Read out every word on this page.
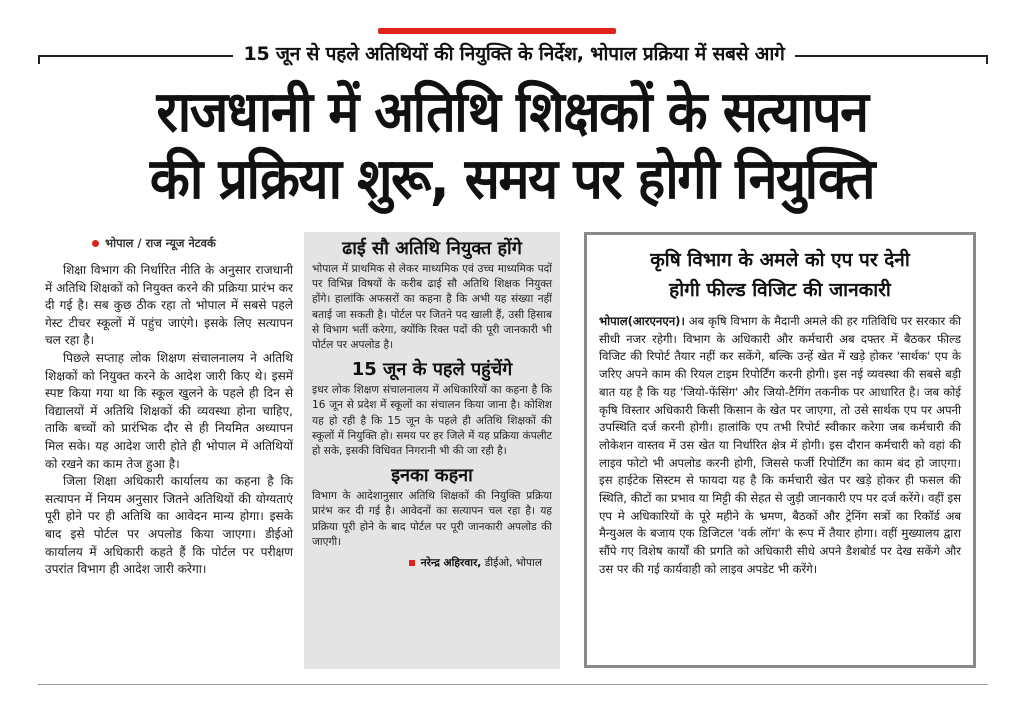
15 जून से पहले अतिथियों की नियुक्ति के निर्देश, भोपाल प्रक्रिया में सबसे आगे
राजधानी में अतिथि शिक्षकों के सत्यापन
की प्रक्रिया शुरू, समय पर होगी नियुक्ति
भोपाल / राज न्यूज नेटवर्क

शिक्षा विभाग की निर्धारित नीति के अनुसार राजधानी में अतिथि शिक्षकों को नियुक्त करने की प्रक्रिया प्रारंभ कर दी गई है। सब कुछ ठीक रहा तो भोपाल में सबसे पहले गेस्ट टीचर स्कूलों में पहुंच जाएंगे। इसके लिए सत्यापन चल रहा है।

पिछले सप्ताह लोक शिक्षण संचालनालय ने अतिथि शिक्षकों को नियुक्त करने के आदेश जारी किए थे। इसमें स्पष्ट किया गया था कि स्कूल खुलने के पहले ही दिन से विद्यालयों में अतिथि शिक्षकों की व्यवस्था होना चाहिए, ताकि बच्चों को प्रारंभिक दौर से ही नियमित अध्यापन मिल सके। यह आदेश जारी होते ही भोपाल में अतिथियों को रखने का काम तेज हुआ है।

जिला शिक्षा अधिकारी कार्यालय का कहना है कि सत्यापन में नियम अनुसार जितने अतिथियों की योग्यताएं पूरी होने पर ही अतिथि का आवेदन मान्य होगा। इसके बाद इसे पोर्टल पर अपलोड किया जाएगा। डीईओ कार्यालय में अधिकारी कहते हैं कि पोर्टल पर परीक्षण उपरांत विभाग ही आदेश जारी करेगा।

ढाई सौ अतिथि नियुक्त होंगे

भोपाल में प्राथमिक से लेकर माध्यमिक एवं उच्च माध्यमिक पदों पर विभिन्न विषयों के करीब ढाई सौ अतिथि शिक्षक नियुक्त होंगे। हालांकि अफसरों का कहना है कि अभी यह संख्या नहीं बताई जा सकती है। पोर्टल पर जितने पद खाली हैं, उसी हिसाब से विभाग भर्ती करेगा, क्योंकि रिक्त पदों की पूरी जानकारी भी पोर्टल पर अपलोड है।

15 जून के पहले पहुंचेंगे

इधर लोक शिक्षण संचालनालय में अधिकारियों का कहना है कि 16 जून से प्रदेश में स्कूलों का संचालन किया जाना है। कोशिश यह हो रही है कि 15 जून के पहले ही अतिथि शिक्षकों की स्कूलों में नियुक्ति हो। समय पर हर जिले में यह प्रक्रिया कंपलीट हो सके, इसकी विधिवत निगरानी भी की जा रही है।

इनका कहना

विभाग के आदेशानुसार अतिथि शिक्षकों की नियुक्ति प्रक्रिया प्रारंभ कर दी गई है। आवेदनों का सत्यापन चल रहा है। यह प्रक्रिया पूरी होने के बाद पोर्टल पर पूरी जानकारी अपलोड की जाएगी।

नरेन्द्र अहिरवार, डीईओ, भोपाल
कृषि विभाग के अमले को एप पर देनी
होगी फील्ड विजिट की जानकारी

भोपाल(आरएनएन)। अब कृषि विभाग के मैदानी अमले की हर गतिविधि पर सरकार की सीधी नजर रहेगी। विभाग के अधिकारी और कर्मचारी अब दफ्तर में बैठकर फील्ड विजिट की रिपोर्ट तैयार नहीं कर सकेंगे, बल्कि उन्हें खेत में खड़े होकर 'सार्थक' एप के जरिए अपने काम की रियल टाइम रिपोर्टिंग करनी होगी। इस नई व्यवस्था की सबसे बड़ी बात यह है कि यह 'जियो-फेंसिंग' और जियो-टैगिंग तकनीक पर आधारित है। जब कोई कृषि विस्तार अधिकारी किसी किसान के खेत पर जाएगा, तो उसे सार्थक एप पर अपनी उपस्थिति दर्ज करनी होगी। हालांकि एप तभी रिपोर्ट स्वीकार करेगा जब कर्मचारी की लोकेशन वास्तव में उस खेत या निर्धारित क्षेत्र में होगी। इस दौरान कर्मचारी को वहां की लाइव फोटो भी अपलोड करनी होगी, जिससे फर्जी रिपोर्टिंग का काम बंद हो जाएगा। इस हाईटेक सिस्टम से फायदा यह है कि कर्मचारी खेत पर खड़े होकर ही फसल की स्थिति, कीटों का प्रभाव या मिट्टी की सेहत से जुड़ी जानकारी एप पर दर्ज करेंगे। वहीं इस एप मे अधिकारियों के पूरे महीने के भ्रमण, बैठकों और ट्रेनिंग सत्रों का रिकॉर्ड अब मैन्युअल के बजाय एक डिजिटल 'वर्क लॉग' के रूप में तैयार होगा। वहीं मुख्यालय द्वारा सौंपे गए विशेष कार्यों की प्रगति को अधिकारी सीधे अपने डैशबोर्ड पर देख सकेंगे और उस पर की गई कार्यवाही को लाइव अपडेट भी करेंगे।
